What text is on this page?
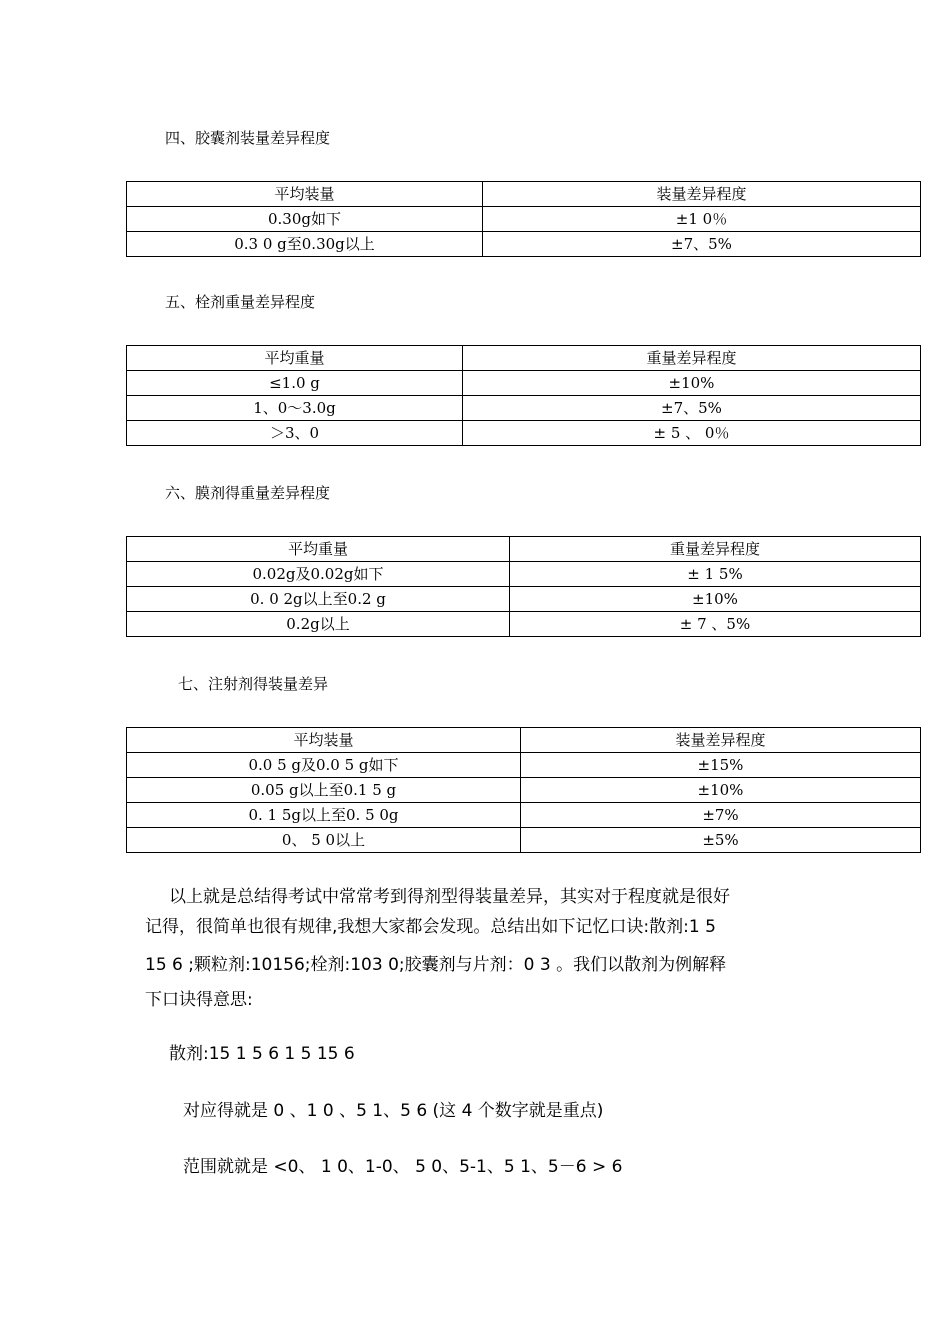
四、胶囊剂装量差异程度
平均装量	装量差异程度
0.30g如下	±1 0％
0.3 0 g至0.30g以上	±7、5%
五、栓剂重量差异程度
平均重量	重量差异程度
≤1.0 g	±10%
1、0～3.0g	±7、5%
＞3、0	± 5 、 0％
六、膜剂得重量差异程度
平均重量	重量差异程度
0.02g及0.02g如下	± 1 5%
0. 0 2g以上至0.2 g	±10%
0.2g以上	± 7 、5%
七、注射剂得装量差异
平均装量	装量差异程度
0.0 5 g及0.0 5 g如下	±15%
0.05 g以上至0.1 5 g	±10%
0. 1 5g以上至0. 5 0g	±7%
0、 5 0以上	±5%
以上就是总结得考试中常常考到得剂型得装量差异，其实对于程度就是很好
记得，很简单也很有规律,我想大家都会发现。总结出如下记忆口诀:散剂:1 5
15 6 ;颗粒剂:10156;栓剂:103 0;胶囊剂与片剂：0 3 。我们以散剂为例解释
下口诀得意思:
散剂:15 1 5 6 1 5 15 6
对应得就是 0 、1 0 、5 1、5 6 (这 4 个数字就是重点)
范围就就是 <0、 1 0、1-0、 5 0、5-1、5 1、5－6 > 6
